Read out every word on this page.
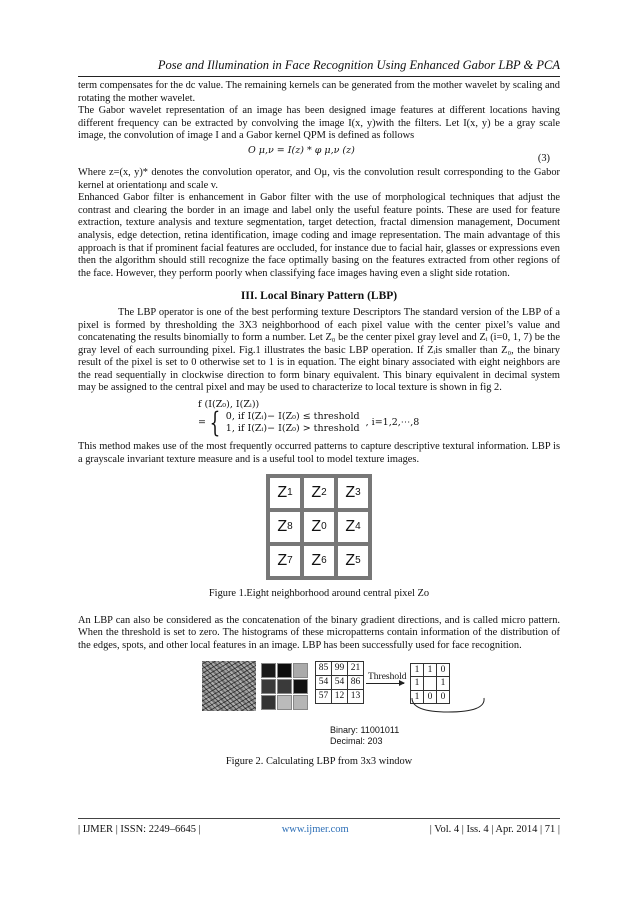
Pose and Illumination in Face Recognition Using Enhanced Gabor LBP & PCA

term compensates for the dc value. The remaining kernels can be generated from the mother wavelet by scaling and rotating the mother wavelet.

The Gabor wavelet representation of an image has been designed image features at different locations having different frequency can be extracted by convolving the image I(x, y)with the filters. Let I(x, y) be a gray scale image, the convolution of image I and a Gabor kernel QPM is defined as follows

O μ,ν = I(z) * φ μ,ν (z)
(3)

Where z=(x, y)* denotes the convolution operator, and Oμ, νis the convolution result corresponding to the Gabor kernel at orientationμ and scale v.

Enhanced Gabor filter is enhancement in Gabor filter with the use of morphological techniques that adjust the contrast and clearing the border in an image and label only the useful feature points. These are used for feature extraction, texture analysis and texture segmentation, target detection, fractal dimension management, Document analysis, edge detection, retina identification, image coding and image representation. The main advantage of this approach is that if prominent facial features are occluded, for instance due to facial hair, glasses or expressions even then the algorithm should still recognize the face optimally basing on the features extracted from other regions of the face. However, they perform poorly when classifying face images having even a slight side rotation.

III. Local Binary Pattern (LBP)

The LBP operator is one of the best performing texture Descriptors The standard version of the LBP of a pixel is formed by thresholding the 3X3 neighborhood of each pixel value with the center pixel’s value and concatenating the results binomially to form a number. Let Z₀ be the center pixel gray level and Zᵢ (i=0, 1, 7) be the gray level of each surrounding pixel. Fig.1 illustrates the basic LBP operation. If Zᵢis smaller than Z₀, the binary result of the pixel is set to 0 otherwise set to 1 is in equation. The eight binary associated with eight neighbors are the read sequentially in clockwise direction to form binary equivalent. This binary equivalent in decimal system may be assigned to the central pixel and may be used to characterize to local texture is shown in fig 2.

f (I(Z₀), I(Zᵢ))
= { 0, if I(Zᵢ)− I(Z₀) ≤ threshold
1, if I(Zᵢ)− I(Z₀) > threshold
, i=1,2,⋯,8

This method makes use of the most frequently occurred patterns to capture descriptive textural information. LBP is a grayscale invariant texture measure and is a useful tool to model texture images.

Z 1	Z 2	Z 3
Z 8	Z 0	Z 4
Z 7	Z 6	Z 5
Figure 1.Eight neighborhood around central pixel Zo

An LBP can also be considered as the concatenation of the binary gradient directions, and is called micro pattern. When the threshold is set to zero. The histograms of these micropatterns contain information of the distribution of the edges, spots, and other local features in an image. LBP has been successfully used for face recognition.

85	99	21
54	54	86
57	12	13
Threshold
1	1	0
1		1
1	0	0
Binary: 11001011
Decimal: 203
Figure 2. Calculating LBP from 3x3 window
| IJMER | ISSN: 2249–6645 |	www.ijmer.com	| Vol. 4 | Iss. 4 | Apr. 2014 | 71 |
